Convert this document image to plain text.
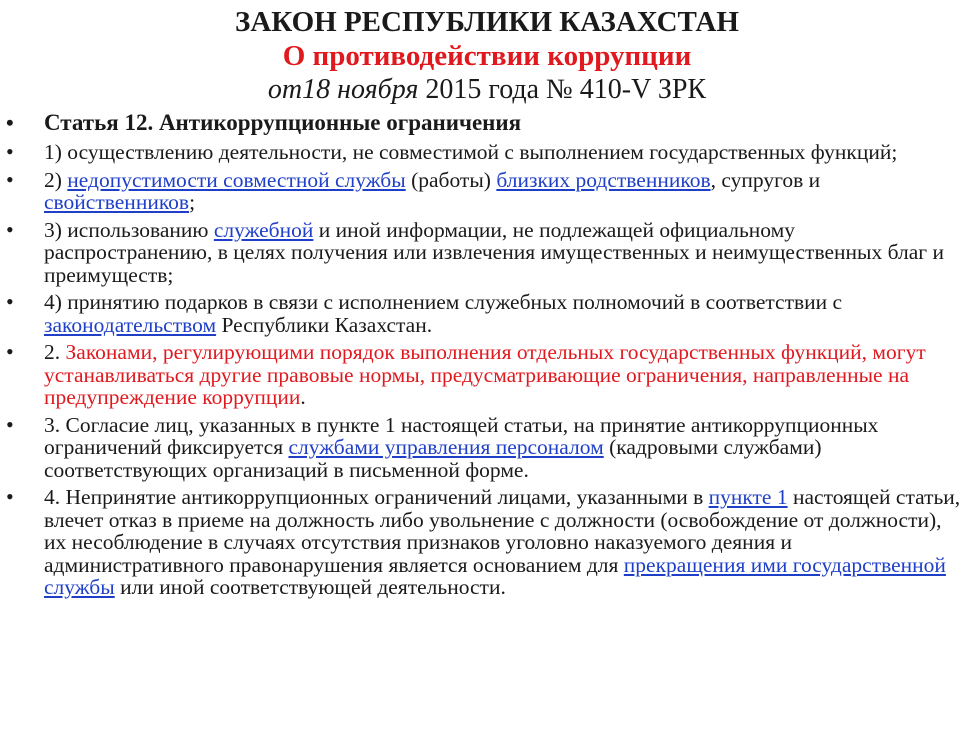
ЗАКОН РЕСПУБЛИКИ КАЗАХСТАН
О противодействии коррупции
от18 ноября 2015 года № 410-V ЗРК
• Статья 12. Антикоррупционные ограничения
• 1) осуществлению деятельности, не совместимой с выполнением государственных функций;
• 2) недопустимости совместной службы (работы) близких родственников, супругов и свойственников;
• 3) использованию служебной и иной информации, не подлежащей официальному распространению, в целях получения или извлечения имущественных и неимущественных благ и преимуществ;
• 4) принятию подарков в связи с исполнением служебных полномочий в соответствии с законодательством Республики Казахстан.
• 2. Законами, регулирующими порядок выполнения отдельных государственных функций, могут устанавливаться другие правовые нормы, предусматривающие ограничения, направленные на предупреждение коррупции.
• 3. Согласие лиц, указанных в пункте 1 настоящей статьи, на принятие антикоррупционных ограничений фиксируется службами управления персоналом (кадровыми службами) соответствующих организаций в письменной форме.
• 4. Непринятие антикоррупционных ограничений лицами, указанными в пункте 1 настоящей статьи, влечет отказ в приеме на должность либо увольнение с должности (освобождение от должности), их несоблюдение в случаях отсутствия признаков уголовно наказуемого деяния и административного правонарушения является основанием для прекращения ими государственной службы или иной соответствующей деятельности.
